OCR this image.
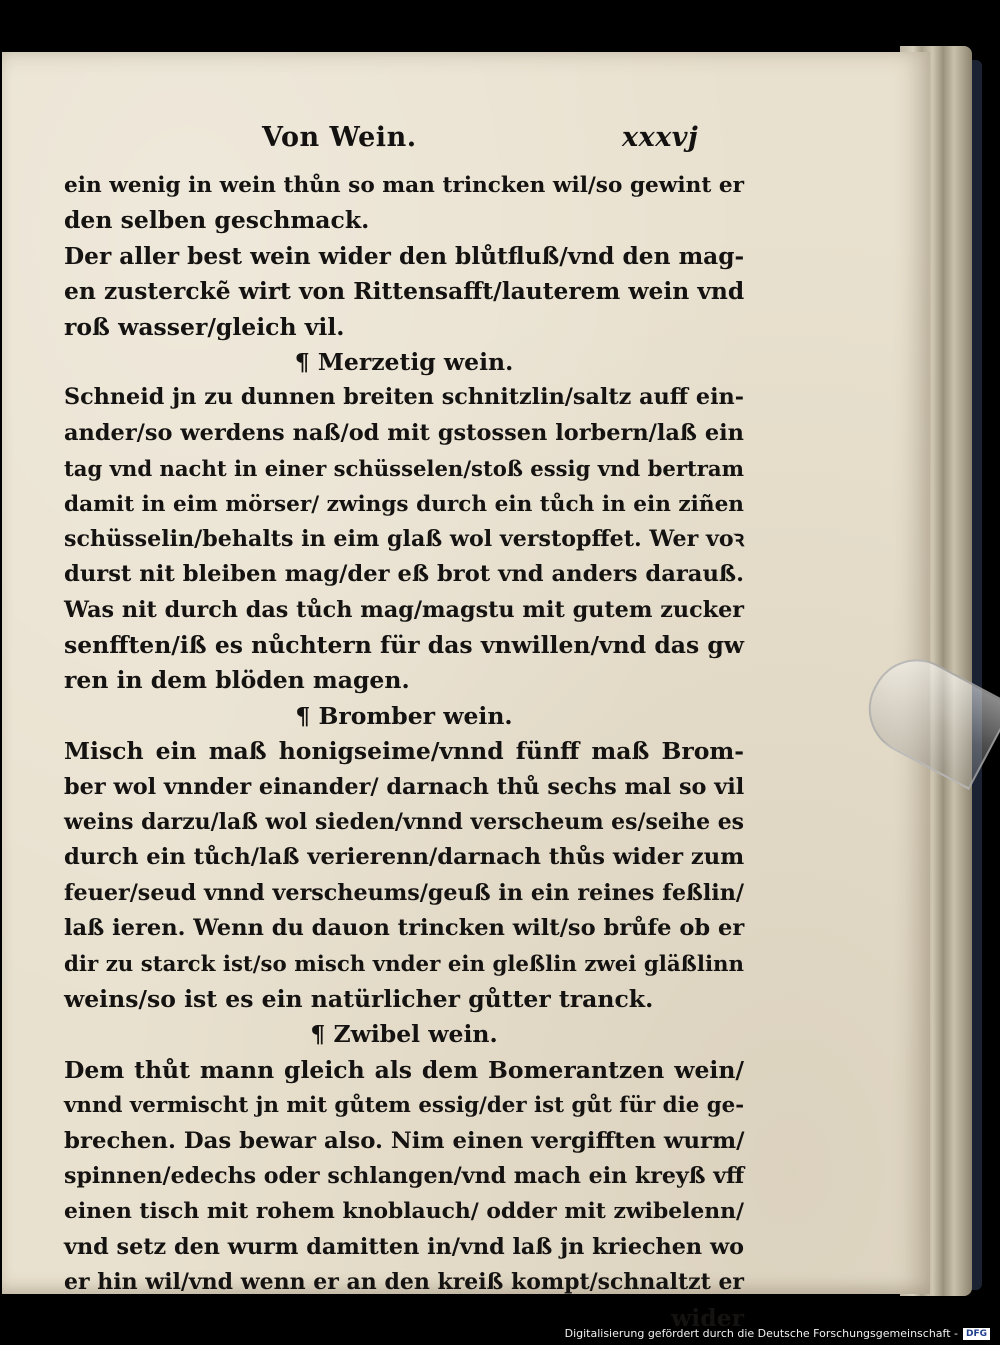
Von Wein.	xxxvj
ein wenig in wein thůn so man trincken wil/so gewint er
den selben geschmack.
Der aller best wein wider den blůtfluß/vnd den mag-
en zusterckẽ wirt von Rittensafft/lauterem wein vnd
roß wasser/gleich vil.
¶ Merzetig wein.
Schneid jn zu dunnen breiten schnitzlin/saltz auff ein-
ander/so werdens naß/od mit gstossen lorbern/laß ein
tag vnd nacht in einer schüsselen/stoß essig vnd bertram
damit in eim mörser/ zwings durch ein tůch in ein ziñen
schüsselin/behalts in eim glaß wol verstopffet. Wer voꝛ
durst nit bleiben mag/der eß brot vnd anders darauß.
Was nit durch das tůch mag/magstu mit gutem zucker
senfften/iß es nůchtern für das vnwillen/vnd das gw
ren in dem blöden magen.
¶ Bromber wein.
Misch ein maß honigseime/vnnd fünff maß Brom-
ber wol vnnder einander/ darnach thů sechs mal so vil
weins darzu/laß wol sieden/vnnd verscheum es/seihe es
durch ein tůch/laß verierenn/darnach thůs wider zum
feuer/seud vnnd verscheums/geuß in ein reines feßlin/
laß ieren. Wenn du dauon trincken wilt/so brůfe ob er
dir zu starck ist/so misch vnder ein gleßlin zwei gläßlinn
weins/so ist es ein natürlicher gůtter tranck.
¶ Zwibel wein.
Dem thůt mann gleich als dem Bomerantzen wein/
vnnd vermischt jn mit gůtem essig/der ist gůt für die ge-
brechen. Das bewar also. Nim einen vergifften wurm/
spinnen/edechs oder schlangen/vnd mach ein kreyß vff
einen tisch mit rohem knoblauch/ odder mit zwibelenn/
vnd setz den wurm damitten in/vnd laß jn kriechen wo
er hin wil/vnd wenn er an den kreiß kompt/schnaltzt er
wider
Digitalisierung gefördert durch die Deutsche Forschungsgemeinschaft - DFG
